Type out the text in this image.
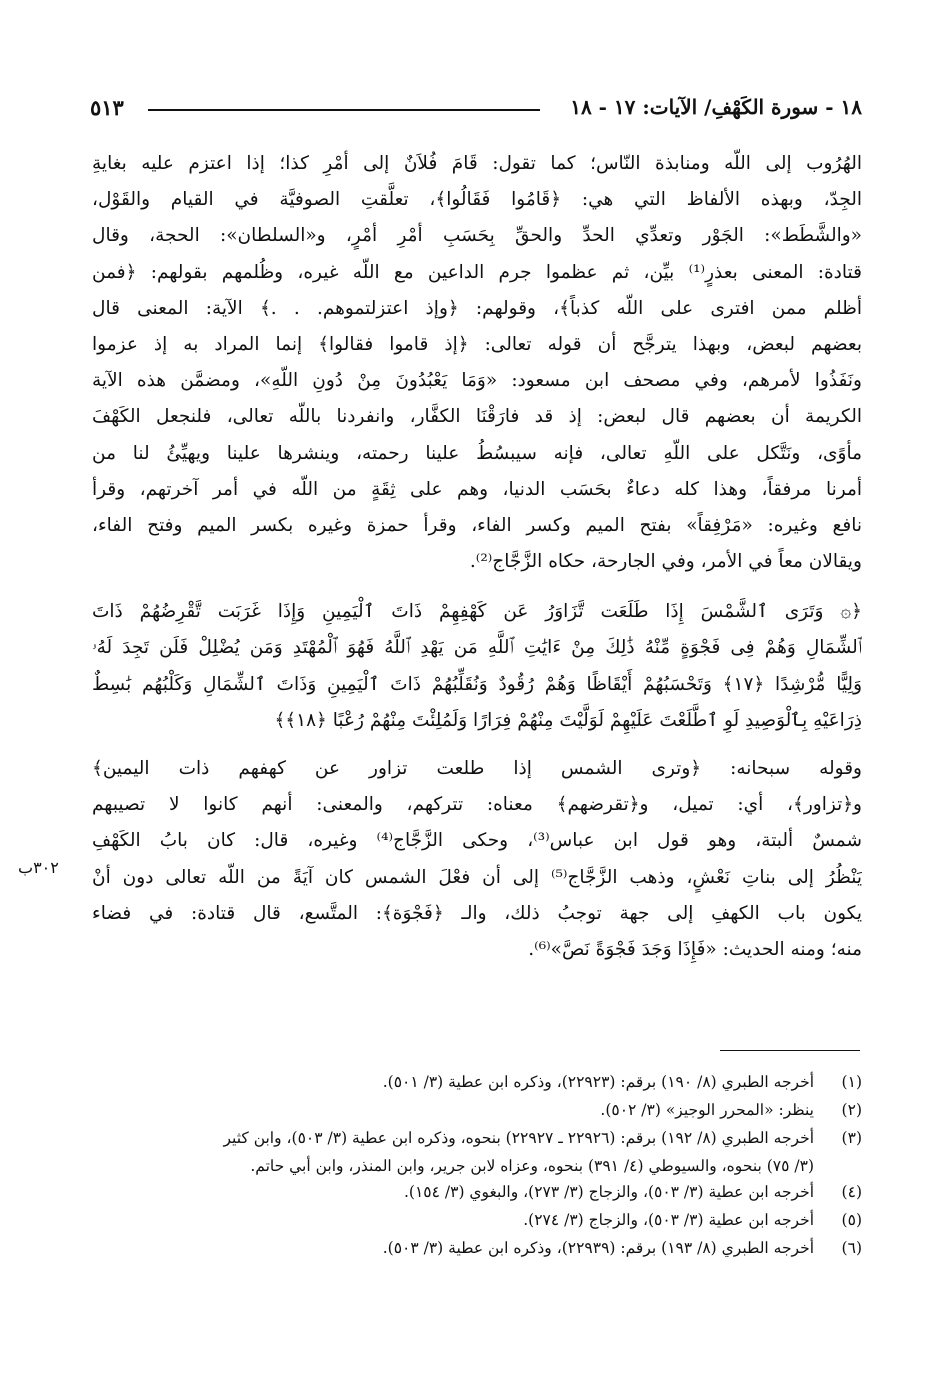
١٨ - سورة الكَهْفِ/ الآيات: ١٧ - ١٨
٥١٣
٣٠٢ب
الهُرُوب إلى اللّه ومنابذة النّاس؛ كما تقول: قَامَ فُلاَنٌ إلى أمْرِ كذا؛ إذا اعتزم عليه بغايةِ
الجِدّ، وبهذه الألفاظ التي هي: ﴿قَامُوا فَقَالُوا﴾، تعلَّقتِ الصوفيَّة في القيام والقَوْل،
«والشَّطَط»: الجَوْر وتعدِّي الحدِّ والحقِّ بِحَسَبِ أمْرِ أمْرٍ، و«السلطان»: الحجة، وقال
قتادة: المعنى بعذرٍ⁽¹⁾ بيِّن، ثم عظموا جرم الداعين مع اللّه غيره، وظُلمهم بقولهم: ﴿فمن
أظلم ممن افترى على اللّه كذباً﴾، وقولهم: ﴿وإذ اعتزلتموهم. . .﴾ الآية: المعنى قال
بعضهم لبعض، وبهذا يترجَّح أن قوله تعالى: ﴿إذ قاموا فقالوا﴾ إنما المراد به إذ عزموا
ونَفَذُوا لأمرهم، وفي مصحف ابن مسعود: «وَمَا يَعْبُدُونَ مِنْ دُونِ اللّهِ»، ومضمَّن هذه الآية
الكريمة أن بعضهم قال لبعض: إذ قد فارَقْنَا الكفَّار، وانفردنا باللّه تعالى، فلنجعل الكَهْفَ
مأوًى، ونَتَّكل على اللّهِ تعالى، فإنه سيبسُطُ علينا رحمته، وينشرها علينا ويهيِّئُ لنا من
أمرنا مرفقاً، وهذا كله دعاءٌ بحَسَب الدنيا، وهم على ثِقَةٍ من اللّه في أمر آخرتهم، وقرأ
نافع وغيره: «مَرْفِقاً» بفتح الميم وكسر الفاء، وقرأ حمزة وغيره بكسر الميم وفتح الفاء،
ويقالان معاً في الأمر، وفي الجارحة، حكاه الزَّجَّاج⁽²⁾.
﴿۞ وَتَرَى ٱلشَّمْسَ إِذَا طَلَعَت تَّزَاوَرُ عَن كَهْفِهِمْ ذَاتَ ٱلْيَمِينِ وَإِذَا غَرَبَت تَّقْرِضُهُمْ ذَاتَ
ٱلشِّمَالِ وَهُمْ فِى فَجْوَةٍ مِّنْهُ ذَٰلِكَ مِنْ ءَايَٰتِ ٱللَّهِ مَن يَهْدِ ٱللَّهُ فَهُوَ ٱلْمُهْتَدِ وَمَن يُضْلِلْ فَلَن تَجِدَ لَهُۥ
وَلِيًّا مُّرْشِدًا ﴿١٧﴾ وَتَحْسَبُهُمْ أَيْقَاظًا وَهُمْ رُقُودٌ وَنُقَلِّبُهُمْ ذَاتَ ٱلْيَمِينِ وَذَاتَ ٱلشِّمَالِ وَكَلْبُهُم بَٰسِطٌ
ذِرَاعَيْهِ بِٱلْوَصِيدِ لَوِ ٱطَّلَعْتَ عَلَيْهِمْ لَوَلَّيْتَ مِنْهُمْ فِرَارًا وَلَمُلِئْتَ مِنْهُمْ رُعْبًا ﴿١٨﴾﴾
وقوله سبحانه: ﴿وترى الشمس إذا طلعت تزاور عن كهفهم ذات اليمين﴾
و﴿تزاور﴾، أي: تميل، و﴿تقرضهم﴾ معناه: تتركهم، والمعنى: أنهم كانوا لا تصيبهم
شمسٌ ألبتة، وهو قول ابن عباس⁽³⁾، وحكى الزَّجَّاج⁽⁴⁾ وغيره، قال: كان بابُ الكَهْفِ
يَنْظُرُ إلى بناتِ نَعْشٍ، وذهب الزَّجَّاج⁽⁵⁾ إلى أن فعْلَ الشمس كان آيَةً من اللّه تعالى دون أنْ
يكون باب الكهفِ إلى جهة توجبُ ذلك، والـ ﴿فَجْوَة﴾: المتَّسع، قال قتادة: في فضاء
منه؛ ومنه الحديث: «فَإِذَا وَجَدَ فَجْوَةً نَصَّ»⁽⁶⁾.
(١)
أخرجه الطبري (٨/ ١٩٠) برقم: (٢٢٩٢٣)، وذكره ابن عطية (٣/ ٥٠١).
(٢)
ينظر: «المحرر الوجيز» (٣/ ٥٠٢).
(٣)
أخرجه الطبري (٨/ ١٩٢) برقم: (٢٢٩٢٦ ـ ٢٢٩٢٧) بنحوه، وذكره ابن عطية (٣/ ٥٠٣)، وابن كثير
(٣/ ٧٥) بنحوه، والسيوطي (٤/ ٣٩١) بنحوه، وعزاه لابن جرير، وابن المنذر، وابن أبي حاتم.
(٤)
أخرجه ابن عطية (٣/ ٥٠٣)، والزجاج (٣/ ٢٧٣)، والبغوي (٣/ ١٥٤).
(٥)
أخرجه ابن عطية (٣/ ٥٠٣)، والزجاج (٣/ ٢٧٤).
(٦)
أخرجه الطبري (٨/ ١٩٣) برقم: (٢٢٩٣٩)، وذكره ابن عطية (٣/ ٥٠٣).
